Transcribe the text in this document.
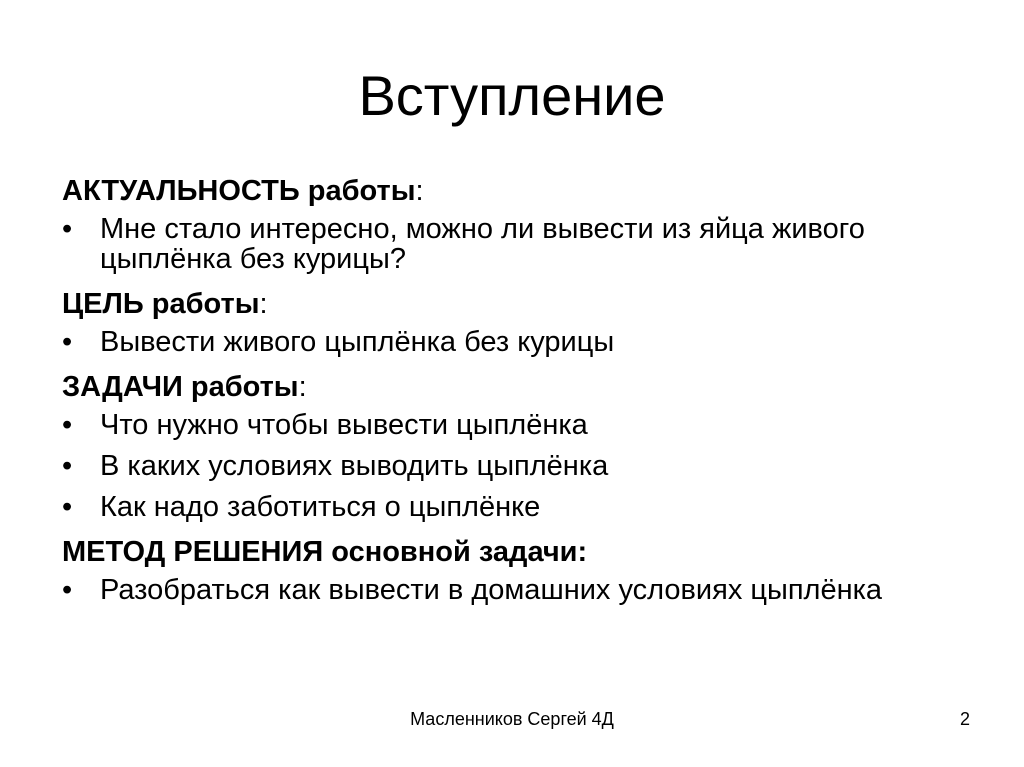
Вступление
АКТУАЛЬНОСТЬ работы:
• Мне стало интересно, можно ли вывести из яйца живого цыплёнка без курицы?
ЦЕЛЬ работы:
• Вывести живого цыплёнка без курицы
ЗАДАЧИ работы:
• Что нужно чтобы вывести цыплёнка
• В каких условиях выводить цыплёнка
• Как надо заботиться о цыплёнке
МЕТОД РЕШЕНИЯ основной задачи:
• Разобраться как вывести в домашних условиях цыплёнка
Масленников Сергей 4Д	2
